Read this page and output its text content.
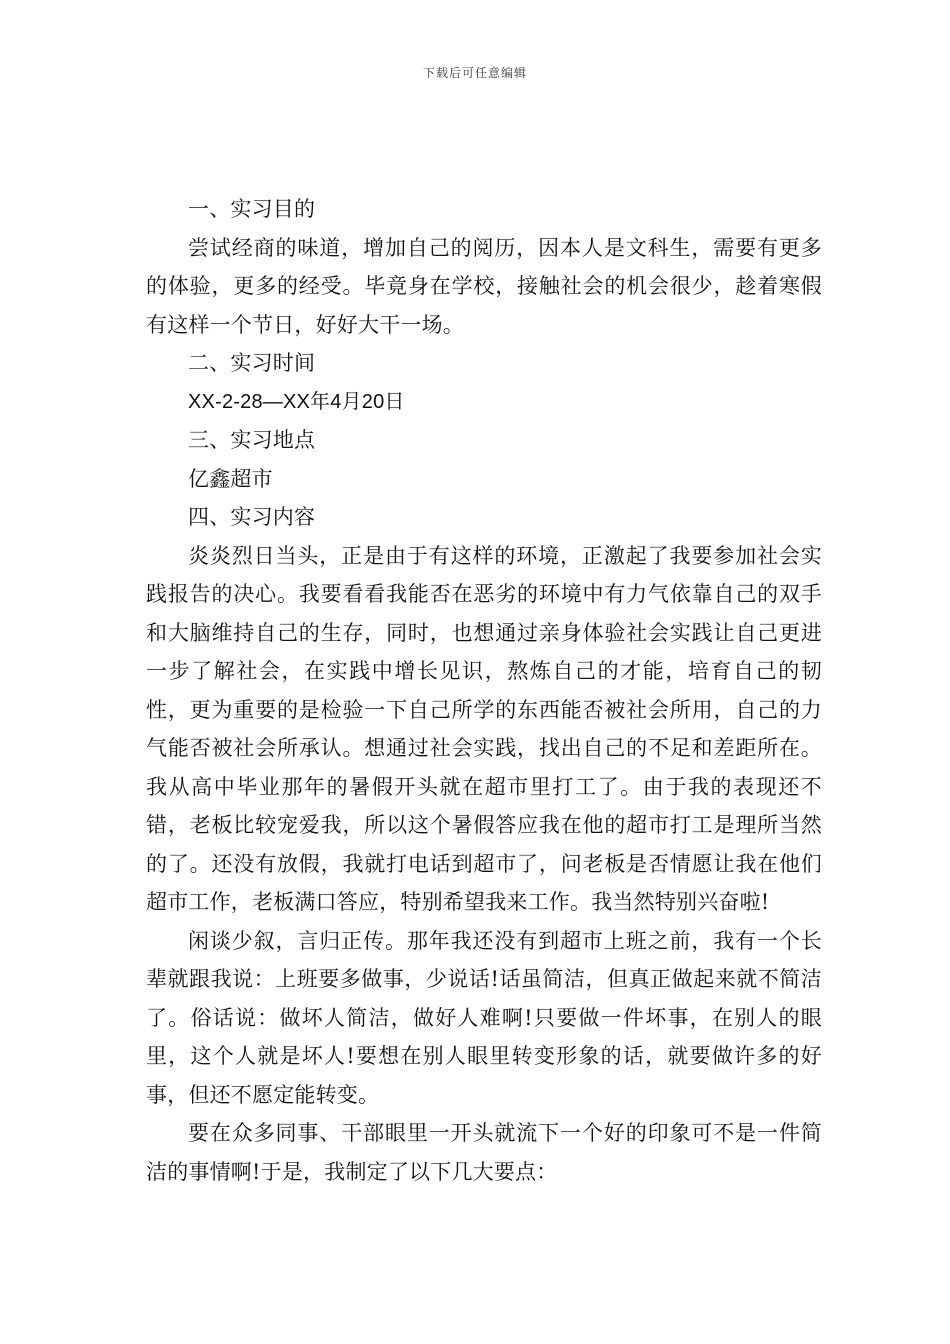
下载后可任意编辑

一、实习目的

尝试经商的味道，增加自己的阅历，因本人是文科生，需要有更多的体验，更多的经受。毕竟身在学校，接触社会的机会很少，趁着寒假有这样一个节日，好好大干一场。

二、实习时间

XX-2-28—XX年4月20日

三、实习地点

亿鑫超市

四、实习内容

炎炎烈日当头，正是由于有这样的环境，正激起了我要参加社会实践报告的决心。我要看看我能否在恶劣的环境中有力气依靠自己的双手和大脑维持自己的生存，同时，也想通过亲身体验社会实践让自己更进一步了解社会，在实践中增长见识，熬炼自己的才能，培育自己的韧性，更为重要的是检验一下自己所学的东西能否被社会所用，自己的力气能否被社会所承认。想通过社会实践，找出自己的不足和差距所在。我从高中毕业那年的暑假开头就在超市里打工了。由于我的表现还不错，老板比较宠爱我，所以这个暑假答应我在他的超市打工是理所当然的了。还没有放假，我就打电话到超市了，问老板是否情愿让我在他们超市工作，老板满口答应，特别希望我来工作。我当然特别兴奋啦!

闲谈少叙，言归正传。那年我还没有到超市上班之前，我有一个长辈就跟我说：上班要多做事，少说话!话虽简洁，但真正做起来就不简洁了。俗话说：做坏人简洁，做好人难啊!只要做一件坏事，在别人的眼里，这个人就是坏人!要想在别人眼里转变形象的话，就要做许多的好事，但还不愿定能转变。

要在众多同事、干部眼里一开头就流下一个好的印象可不是一件简洁的事情啊!于是，我制定了以下几大要点：
